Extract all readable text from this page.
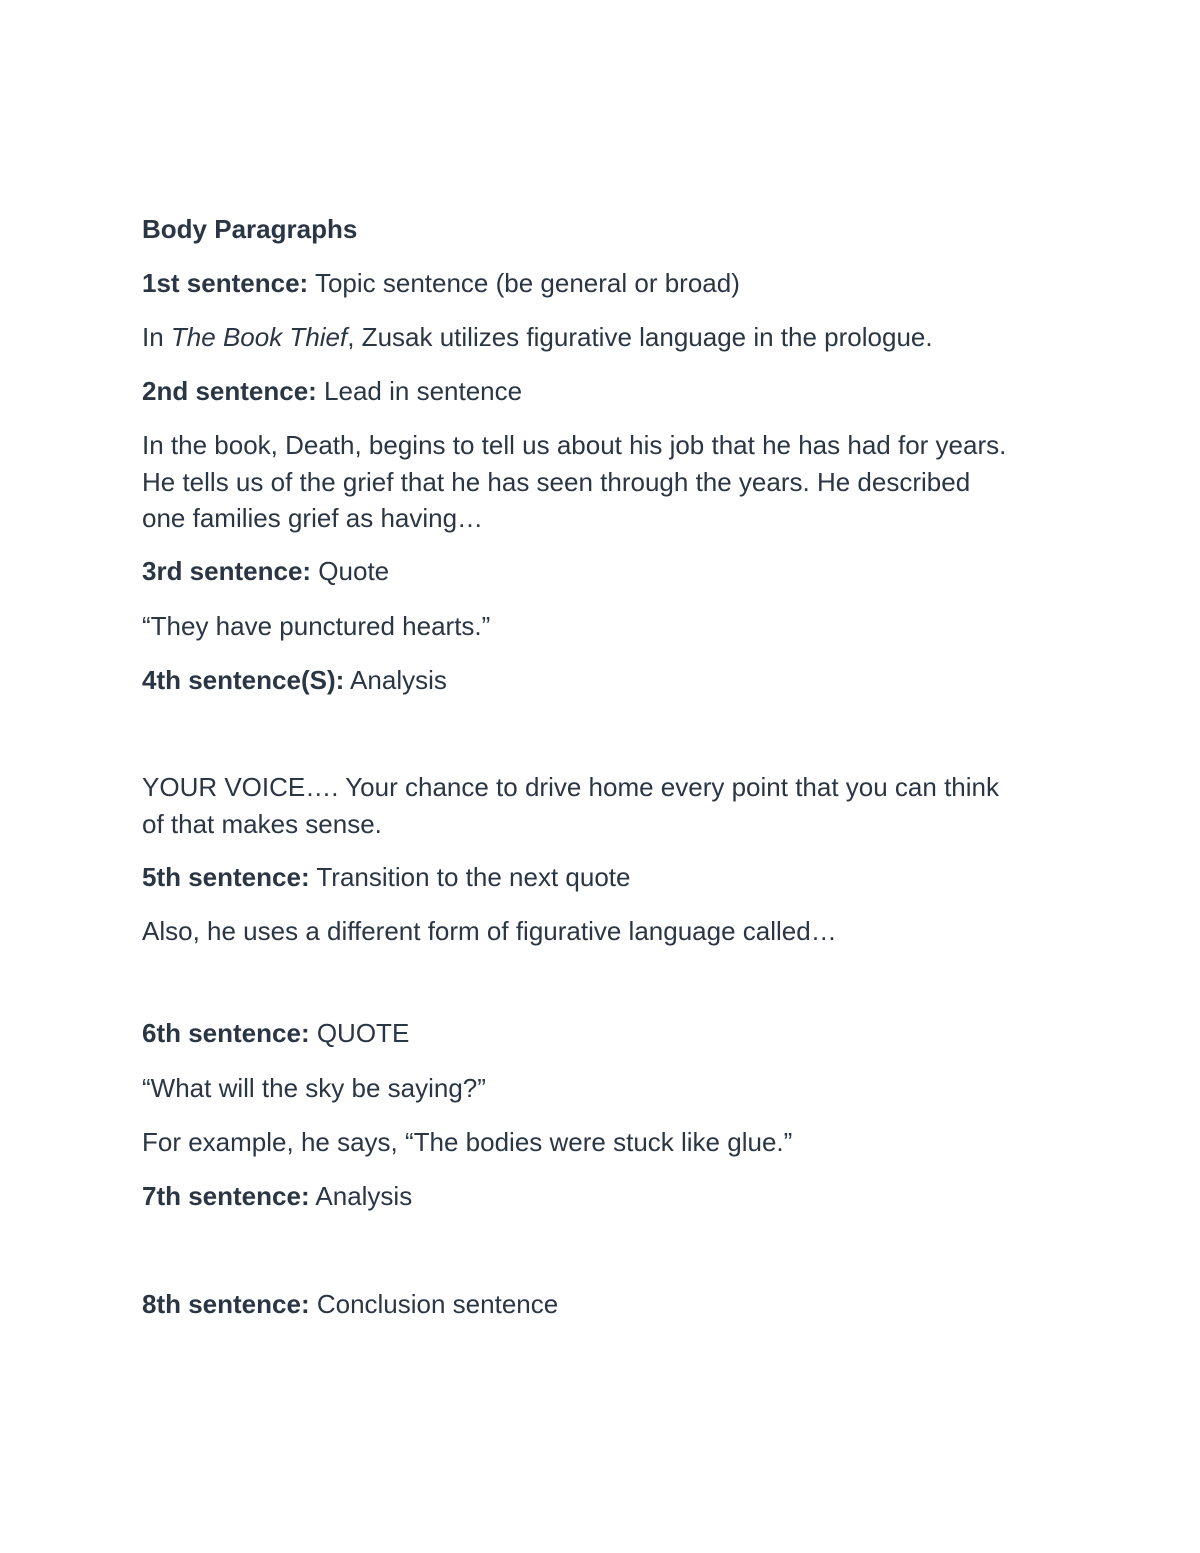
Body Paragraphs

1st sentence: Topic sentence (be general or broad)

In The Book Thief, Zusak utilizes figurative language in the prologue.

2nd sentence: Lead in sentence

In the book, Death, begins to tell us about his job that he has had for years.

He tells us of the grief that he has seen through the years. He described

one families grief as having…

3rd sentence: Quote

“They have punctured hearts.”

4th sentence(S): Analysis

YOUR VOICE…. Your chance to drive home every point that you can think

of that makes sense.

5th sentence: Transition to the next quote

Also, he uses a different form of figurative language called…

6th sentence: QUOTE

“What will the sky be saying?”

For example, he says, “The bodies were stuck like glue.”

7th sentence: Analysis

8th sentence: Conclusion sentence
